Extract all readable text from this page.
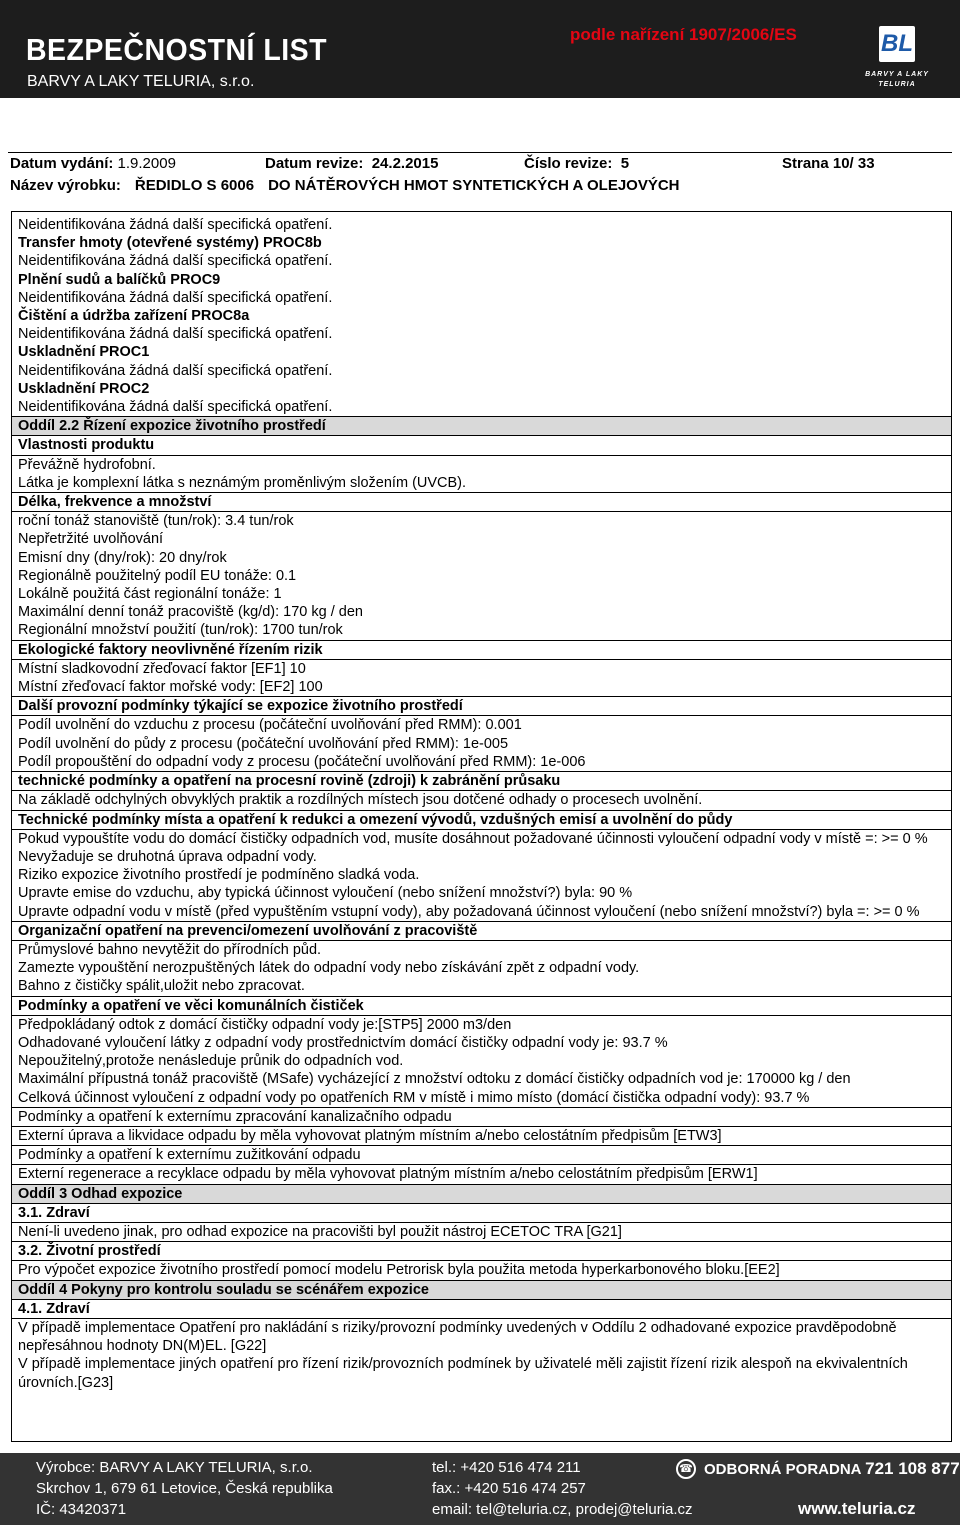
BEZPEČNOSTNÍ LIST
BARVY A LAKY TELURIA, s.r.o.
podle nařízení 1907/2006/ES	BL
BARVY A LAKY
TELURIA
Datum vydání: 1.9.2009	Datum revize: 24.2.2015	Číslo revize: 5	Strana 10/ 33
Název výrobku: ŘEDIDLO S 6006 DO NÁTĚROVÝCH HMOT SYNTETICKÝCH A OLEJOVÝCH
Neidentifikována žádná další specifická opatření.
Transfer hmoty (otevřené systémy) PROC8b
Neidentifikována žádná další specifická opatření.
Plnění sudů a balíčků PROC9
Neidentifikována žádná další specifická opatření.
Čištění a údržba zařízení PROC8a
Neidentifikována žádná další specifická opatření.
Uskladnění PROC1
Neidentifikována žádná další specifická opatření.
Uskladnění PROC2
Neidentifikována žádná další specifická opatření.
Oddíl 2.2 Řízení expozice životního prostředí
Vlastnosti produktu
Převážně hydrofobní.
Látka je komplexní látka s neznámým proměnlivým složením (UVCB).
Délka, frekvence a množství
roční tonáž stanoviště (tun/rok): 3.4 tun/rok
Nepřetržité uvolňování
Emisní dny (dny/rok): 20 dny/rok
Regionálně použitelný podíl EU tonáže: 0.1
Lokálně použitá část regionální tonáže: 1
Maximální denní tonáž pracoviště (kg/d): 170 kg / den
Regionální množství použití (tun/rok): 1700 tun/rok
Ekologické faktory neovlivněné řízením rizik
Místní sladkovodní zřeďovací faktor [EF1] 10
Místní zřeďovací faktor mořské vody: [EF2] 100
Další provozní podmínky týkající se expozice životního prostředí
Podíl uvolnění do vzduchu z procesu (počáteční uvolňování před RMM): 0.001
Podíl uvolnění do půdy z procesu (počáteční uvolňování před RMM): 1e-005
Podíl propouštění do odpadní vody z procesu (počáteční uvolňování před RMM): 1e-006
technické podmínky a opatření na procesní rovině (zdroji) k zabránění průsaku
Na základě odchylných obvyklých praktik a rozdílných místech jsou dotčené odhady o procesech uvolnění.
Technické podmínky místa a opatření k redukci a omezení vývodů, vzdušných emisí a uvolnění do půdy
Pokud vypouštíte vodu do domácí čističky odpadních vod, musíte dosáhnout požadované účinnosti vyloučení odpadní vody v místě =: >= 0 %
Nevyžaduje se druhotná úprava odpadní vody.
Riziko expozice životního prostředí je podmíněno sladká voda.
Upravte emise do vzduchu, aby typická účinnost vyloučení (nebo snížení množství?) byla: 90 %
Upravte odpadní vodu v místě (před vypuštěním vstupní vody), aby požadovaná účinnost vyloučení (nebo snížení množství?) byla =: >= 0 %
Organizační opatření na prevenci/omezení uvolňování z pracoviště
Průmyslové bahno nevytěžit do přírodních půd.
Zamezte vypouštění nerozpuštěných látek do odpadní vody nebo získávání zpět z odpadní vody.
Bahno z čističky spálit,uložit nebo zpracovat.
Podmínky a opatření ve věci komunálních čističek
Předpokládaný odtok z domácí čističky odpadní vody je:[STP5] 2000 m3/den
Odhadované vyloučení látky z odpadní vody prostřednictvím domácí čističky odpadní vody je: 93.7 %
Nepoužitelný,protože nenásleduje průnik do odpadních vod.
Maximální přípustná tonáž pracoviště (MSafe) vycházející z množství odtoku z domácí čističky odpadních vod je: 170000 kg / den
Celková účinnost vyloučení z odpadní vody po opatřeních RM v místě i mimo místo (domácí čistička odpadní vody): 93.7 %
Podmínky a opatření k externímu zpracování kanalizačního odpadu
Externí úprava a likvidace odpadu by měla vyhovovat platným místním a/nebo celostátním předpisům [ETW3]
Podmínky a opatření k externímu zužitkování odpadu
Externí regenerace a recyklace odpadu by měla vyhovovat platným místním a/nebo celostátním předpisům [ERW1]
Oddíl 3 Odhad expozice
3.1. Zdraví
Není-li uvedeno jinak, pro odhad expozice na pracovišti byl použit nástroj ECETOC TRA [G21]
3.2. Životní prostředí
Pro výpočet expozice životního prostředí pomocí modelu Petrorisk byla použita metoda hyperkarbonového bloku.[EE2]
Oddíl 4 Pokyny pro kontrolu souladu se scénářem expozice
4.1. Zdraví
V případě implementace Opatření pro nakládání s riziky/provozní podmínky uvedených v Oddílu 2 odhadované expozice pravděpodobně nepřesáhnou hodnoty DN(M)EL. [G22]
V případě implementace jiných opatření pro řízení rizik/provozních podmínek by uživatelé měli zajistit řízení rizik alespoň na ekvivalentních úrovních.[G23]
Výrobce: BARVY A LAKY TELURIA, s.r.o.
Skrchov 1, 679 61 Letovice, Česká republika
IČ: 43420371
tel.: +420 516 474 211
fax.: +420 516 474 257
email: tel@teluria.cz, prodej@teluria.cz
☎ ODBORNÁ PORADNA 721 108 877
www.teluria.cz
